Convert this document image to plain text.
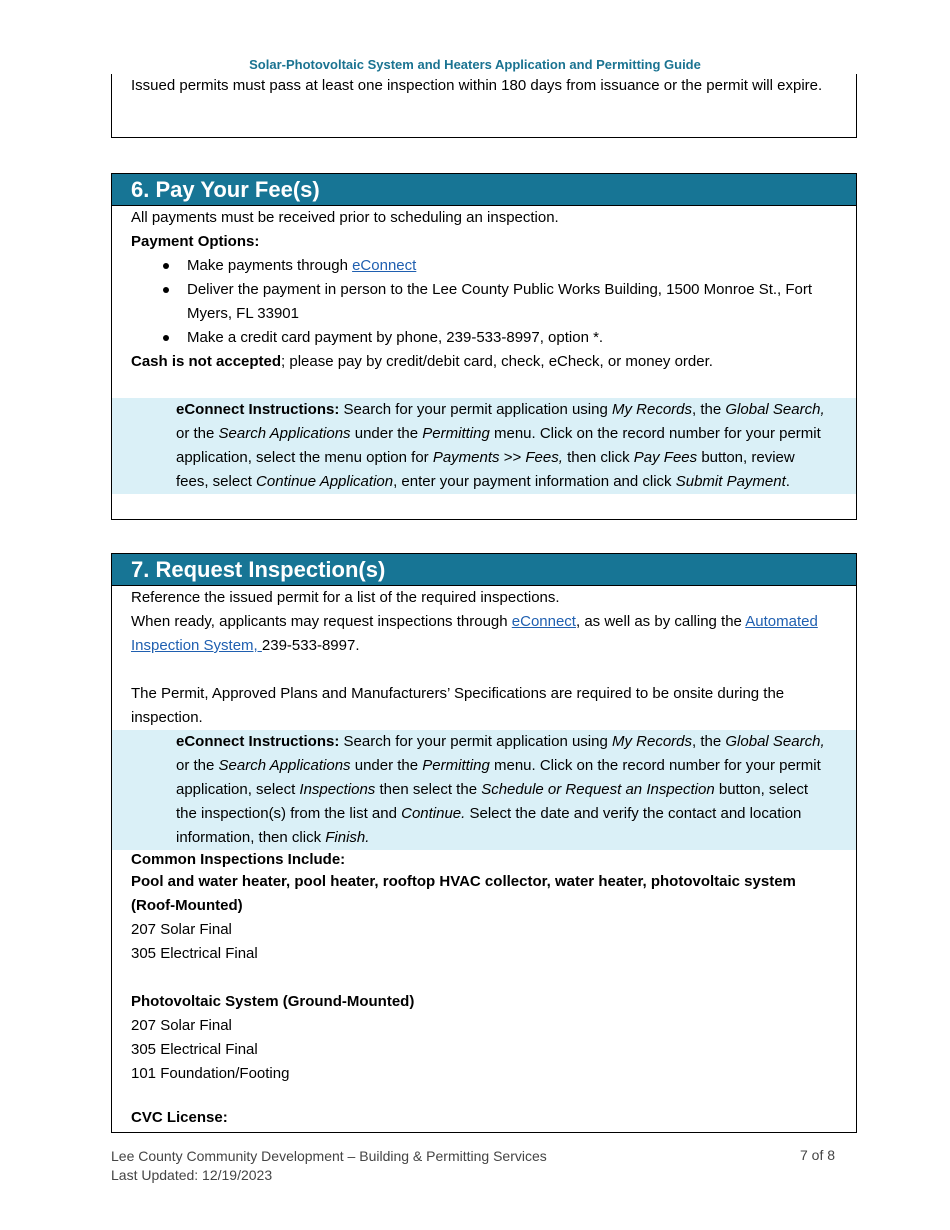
Solar-Photovoltaic System and Heaters Application and Permitting Guide
Issued permits must pass at least one inspection within 180 days from issuance or the permit will expire.
6. Pay Your Fee(s)
All payments must be received prior to scheduling an inspection.
Payment Options:
Make payments through eConnect
Deliver the payment in person to the Lee County Public Works Building, 1500 Monroe St., Fort Myers, FL 33901
Make a credit card payment by phone, 239-533-8997, option *.
Cash is not accepted; please pay by credit/debit card, check, eCheck, or money order.
eConnect Instructions: Search for your permit application using My Records, the Global Search, or the Search Applications under the Permitting menu. Click on the record number for your permit application, select the menu option for Payments >> Fees, then click Pay Fees button, review fees, select Continue Application, enter your payment information and click Submit Payment.
7. Request Inspection(s)
Reference the issued permit for a list of the required inspections.
When ready, applicants may request inspections through eConnect, as well as by calling the Automated Inspection System, 239-533-8997.
The Permit, Approved Plans and Manufacturers’ Specifications are required to be onsite during the inspection.
eConnect Instructions: Search for your permit application using My Records, the Global Search, or the Search Applications under the Permitting menu. Click on the record number for your permit application, select Inspections then select the Schedule or Request an Inspection button, select the inspection(s) from the list and Continue. Select the date and verify the contact and location information, then click Finish.
Common Inspections Include:
Pool and water heater, pool heater, rooftop HVAC collector, water heater, photovoltaic system (Roof-Mounted)
207 Solar Final
305 Electrical Final
Photovoltaic System (Ground-Mounted)
207 Solar Final
305 Electrical Final
101 Foundation/Footing
CVC License:
Lee County Community Development – Building & Permitting Services
Last Updated: 12/19/2023
7 of 8
